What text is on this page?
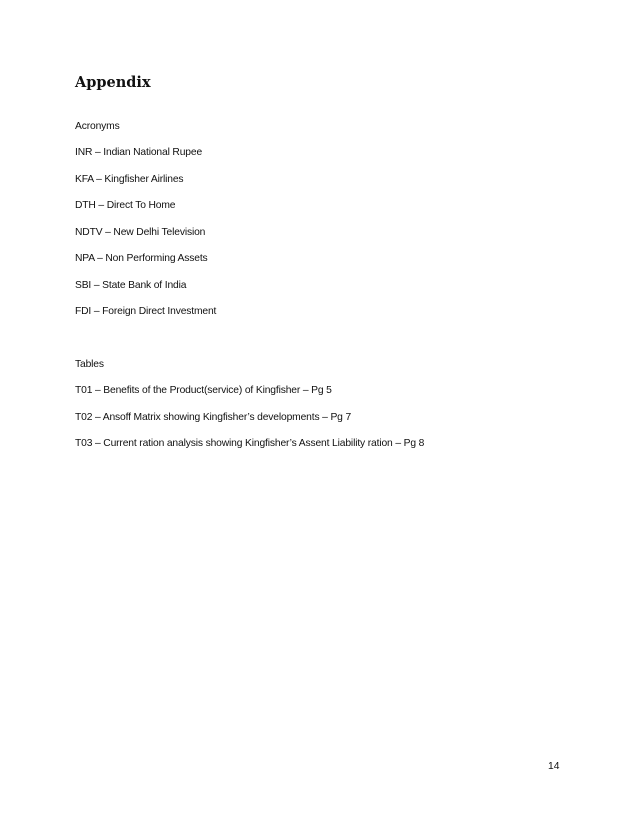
Appendix

Acronyms

INR – Indian National Rupee

KFA – Kingfisher Airlines

DTH – Direct To Home

NDTV – New Delhi Television

NPA – Non Performing Assets

SBI – State Bank of India

FDI – Foreign Direct Investment

Tables

T01 – Benefits of the Product(service) of Kingfisher – Pg 5

T02 – Ansoff Matrix showing Kingfisher’s developments – Pg 7

T03 – Current ration analysis showing Kingfisher’s Assent Liability ration – Pg 8

14
